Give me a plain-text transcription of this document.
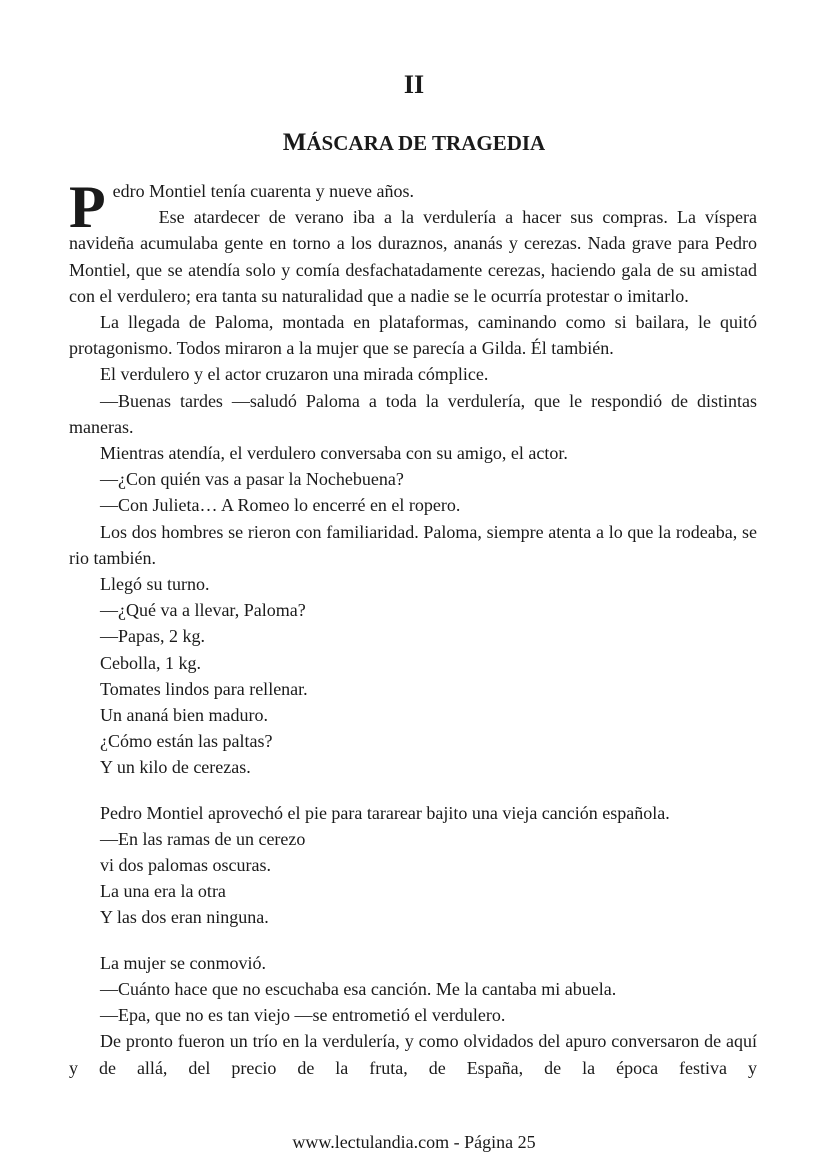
II
MÁSCARA DE TRAGEDIA

Pedro Montiel tenía cuarenta y nueve años.

Ese atardecer de verano iba a la verdulería a hacer sus compras. La víspera navideña acumulaba gente en torno a los duraznos, ananás y cerezas. Nada grave para Pedro Montiel, que se atendía solo y comía desfachatadamente cerezas, haciendo gala de su amistad con el verdulero; era tanta su naturalidad que a nadie se le ocurría protestar o imitarlo.

La llegada de Paloma, montada en plataformas, caminando como si bailara, le quitó protagonismo. Todos miraron a la mujer que se parecía a Gilda. Él también.

El verdulero y el actor cruzaron una mirada cómplice.

—Buenas tardes —saludó Paloma a toda la verdulería, que le respondió de distintas maneras.

Mientras atendía, el verdulero conversaba con su amigo, el actor.

—¿Con quién vas a pasar la Nochebuena?

—Con Julieta… A Romeo lo encerré en el ropero.

Los dos hombres se rieron con familiaridad. Paloma, siempre atenta a lo que la rodeaba, se rio también.

Llegó su turno.

—¿Qué va a llevar, Paloma?

—Papas, 2 kg.

Cebolla, 1 kg.

Tomates lindos para rellenar.

Un ananá bien maduro.

¿Cómo están las paltas?

Y un kilo de cerezas.

Pedro Montiel aprovechó el pie para tararear bajito una vieja canción española.

—En las ramas de un cerezo

vi dos palomas oscuras.

La una era la otra

Y las dos eran ninguna.

La mujer se conmovió.

—Cuánto hace que no escuchaba esa canción. Me la cantaba mi abuela.

—Epa, que no es tan viejo —se entrometió el verdulero.

De pronto fueron un trío en la verdulería, y como olvidados del apuro conversaron de aquí y de allá, del precio de la fruta, de España, de la época festiva y

www.lectulandia.com - Página 25
